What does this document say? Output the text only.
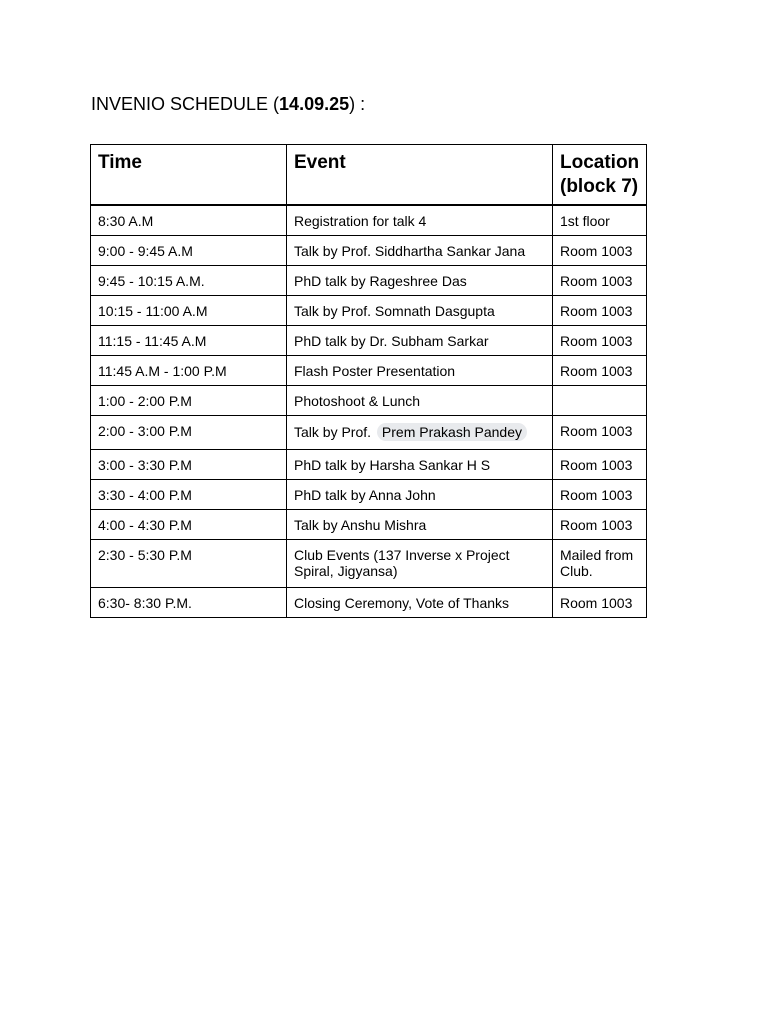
INVENIO SCHEDULE (14.09.25) :
Time	Event	Location (block 7)
8:30 A.M	Registration for talk 4	1st floor
9:00 - 9:45 A.M	Talk by Prof. Siddhartha Sankar Jana	Room 1003
9:45 - 10:15 A.M.	PhD talk by Rageshree Das	Room 1003
10:15 - 11:00 A.M	Talk by Prof. Somnath Dasgupta	Room 1003
11:15 - 11:45 A.M	PhD talk by Dr. Subham Sarkar	Room 1003
11:45 A.M - 1:00 P.M	Flash Poster Presentation	Room 1003
1:00 - 2:00 P.M	Photoshoot & Lunch	
2:00 - 3:00 P.M	Talk by Prof. Prem Prakash Pandey	Room 1003
3:00 - 3:30 P.M	PhD talk by Harsha Sankar H S	Room 1003
3:30 - 4:00 P.M	PhD talk by Anna John	Room 1003
4:00 - 4:30 P.M	Talk by Anshu Mishra	Room 1003
2:30 - 5:30 P.M	Club Events (137 Inverse x Project Spiral, Jigyansa)	Mailed from Club.
6:30- 8:30 P.M.	Closing Ceremony, Vote of Thanks	Room 1003
